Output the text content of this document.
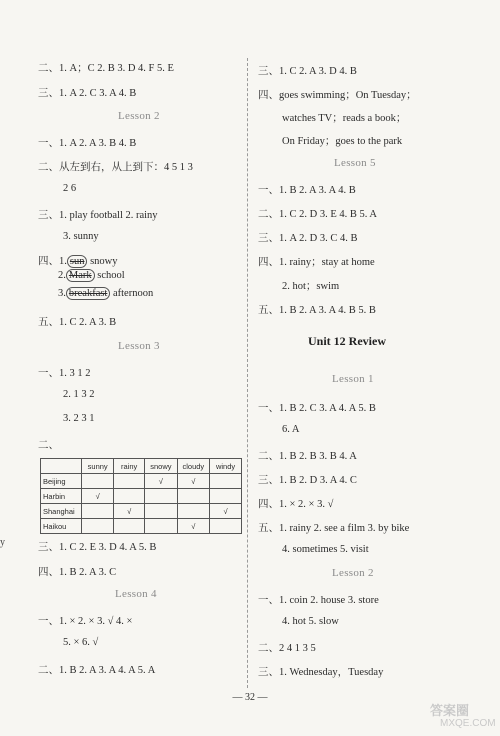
二、1. A；C 2. B 3. D 4. F 5. E
三、1. A 2. C 3. A 4. B
Lesson 2
一、1. A 2. A 3. B 4. B
二、从左到右，从上到下：4 5 1 3
2 6
三、1. play football 2. rainy
3. sunny
四、1. sun snowy
2. Mark school
3. breakfast afternoon
五、1. C 2. A 3. B
Lesson 3
一、1. 3 1 2
2. 1 3 2
3. 2 3 1
二、
	sunny	rainy	snowy	cloudy	windy
Beijing			√	√	
Harbin	√				
Shanghai		√			√
Haikou				√	
三、1. C 2. E 3. D 4. A 5. B
四、1. B 2. A 3. C
Lesson 4
一、1. × 2. × 3. √ 4. ×
5. × 6. √
二、1. B 2. A 3. A 4. A 5. A
三、1. C 2. A 3. D 4. B
四、goes swimming；On Tuesday；
watches TV；reads a book；
On Friday；goes to the park
Lesson 5
一、1. B 2. A 3. A 4. B
二、1. C 2. D 3. E 4. B 5. A
三、1. A 2. D 3. C 4. B
四、1. rainy；stay at home
2. hot；swim
五、1. B 2. A 3. A 4. B 5. B
Unit 12 Review
Lesson 1
一、1. B 2. C 3. A 4. A 5. B
6. A
二、1. B 2. B 3. B 4. A
三、1. B 2. D 3. A 4. C
四、1. × 2. × 3. √
五、1. rainy 2. see a film 3. by bike
4. sometimes 5. visit
Lesson 2
一、1. coin 2. house 3. store
4. hot 5. slow
二、2 4 1 3 5
三、1. Wednesday，Tuesday
y
— 32 —
答案圈
MXQE.COM
